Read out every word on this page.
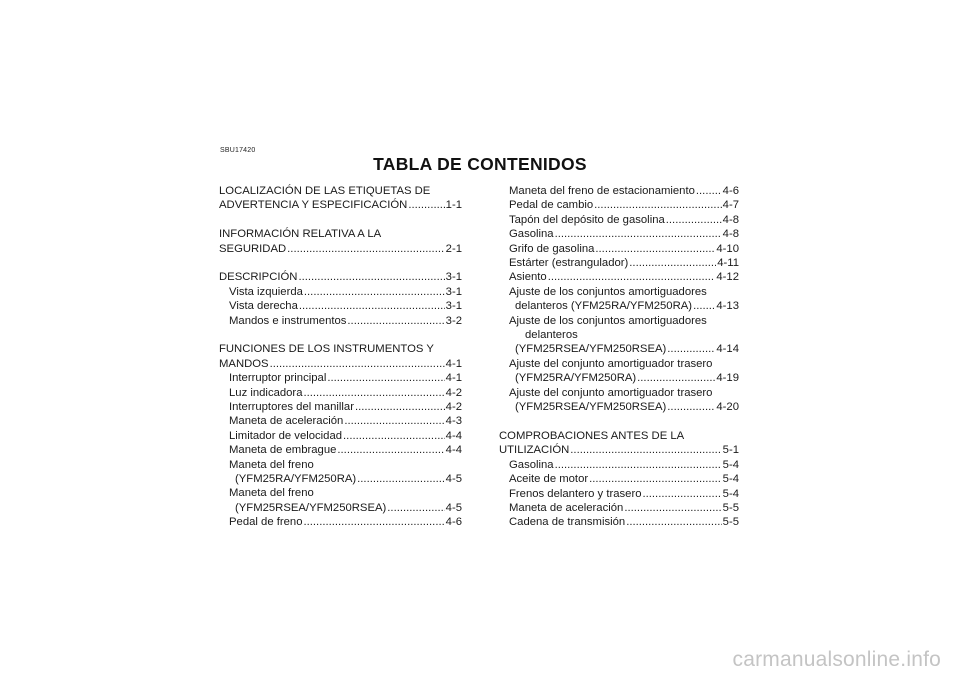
SBU17420
TABLA DE CONTENIDOS
LOCALIZACIÓN DE LAS ETIQUETAS DE
ADVERTENCIA Y ESPECIFICACIÓN .....	1-1
INFORMACIÓN RELATIVA A LA
SEGURIDAD .....	2-1
DESCRIPCIÓN .....	3-1
Vista izquierda .....	3-1
Vista derecha .....	3-1
Mandos e instrumentos .....	3-2
FUNCIONES DE LOS INSTRUMENTOS Y
MANDOS .....	4-1
Interruptor principal .....	4-1
Luz indicadora .....	4-2
Interruptores del manillar .....	4-2
Maneta de aceleración .....	4-3
Limitador de velocidad .....	4-4
Maneta de embrague .....	4-4
Maneta del freno
(YFM25RA/YFM250RA) .....	4-5
Maneta del freno
(YFM25RSEA/YFM250RSEA) .....	4-5
Pedal de freno .....	4-6
Maneta del freno de estacionamiento ..... 4-6
Pedal de cambio .....	4-7
Tapón del depósito de gasolina .....	4-8
Gasolina .....	4-8
Grifo de gasolina .....	4-10
Estárter (estrangulador) .....	4-11
Asiento .....	4-12
Ajuste de los conjuntos amortiguadores
delanteros (YFM25RA/YFM250RA) ..... 4-13
Ajuste de los conjuntos amortiguadores
delanteros
(YFM25RSEA/YFM250RSEA) .....	4-14
Ajuste del conjunto amortiguador trasero
(YFM25RA/YFM250RA) .....	4-19
Ajuste del conjunto amortiguador trasero
(YFM25RSEA/YFM250RSEA) .....	4-20
COMPROBACIONES ANTES DE LA
UTILIZACIÓN .....	5-1
Gasolina .....	5-4
Aceite de motor .....	5-4
Frenos delantero y trasero .....	5-4
Maneta de aceleración .....	5-5
Cadena de transmisión .....	5-5
carmanualsonline.info
